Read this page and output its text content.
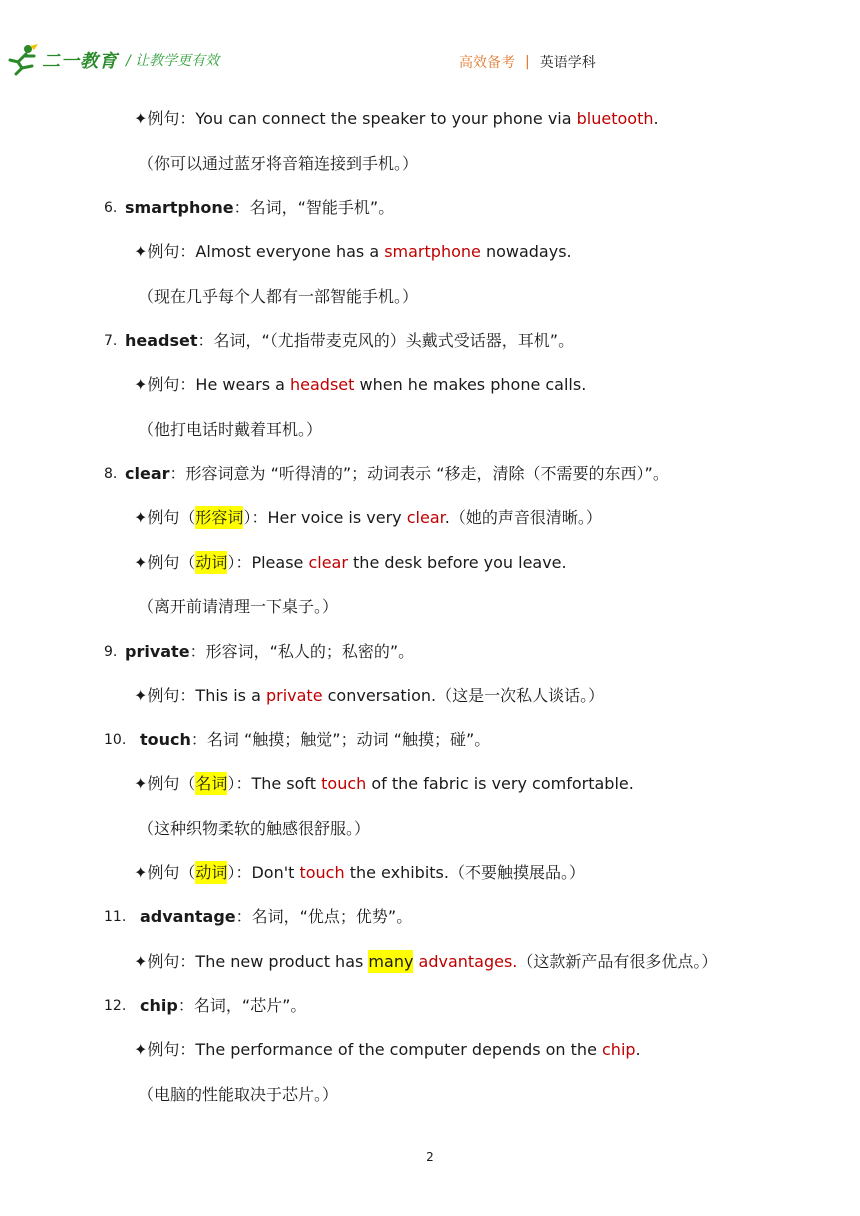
二一教育 / 让教学更有效	高效备考 | 英语学科
✦例句：You can connect the speaker to your phone via bluetooth.
（你可以通过蓝牙将音箱连接到手机。）
6. smartphone：名词，“智能手机”。
✦例句：Almost everyone has a smartphone nowadays.
（现在几乎每个人都有一部智能手机。）
7. headset：名词，“（尤指带麦克风的）头戴式受话器，耳机”。
✦例句：He wears a headset when he makes phone calls.
（他打电话时戴着耳机。）
8. clear：形容词意为 “听得清的”；动词表示 “移走，清除（不需要的东西）”。
✦例句（形容词）：Her voice is very clear.（她的声音很清晰。）
✦例句（动词）：Please clear the desk before you leave.
（离开前请清理一下桌子。）
9. private：形容词，“私人的；私密的”。
✦例句：This is a private conversation.（这是一次私人谈话。）
10. touch：名词 “触摸；触觉”；动词 “触摸；碰”。
✦例句（名词）：The soft touch of the fabric is very comfortable.
（这种织物柔软的触感很舒服。）
✦例句（动词）：Don't touch the exhibits.（不要触摸展品。）
11. advantage：名词，“优点；优势”。
✦例句：The new product has many advantages.（这款新产品有很多优点。）
12. chip：名词，“芯片”。
✦例句：The performance of the computer depends on the chip.
（电脑的性能取决于芯片。）
2
